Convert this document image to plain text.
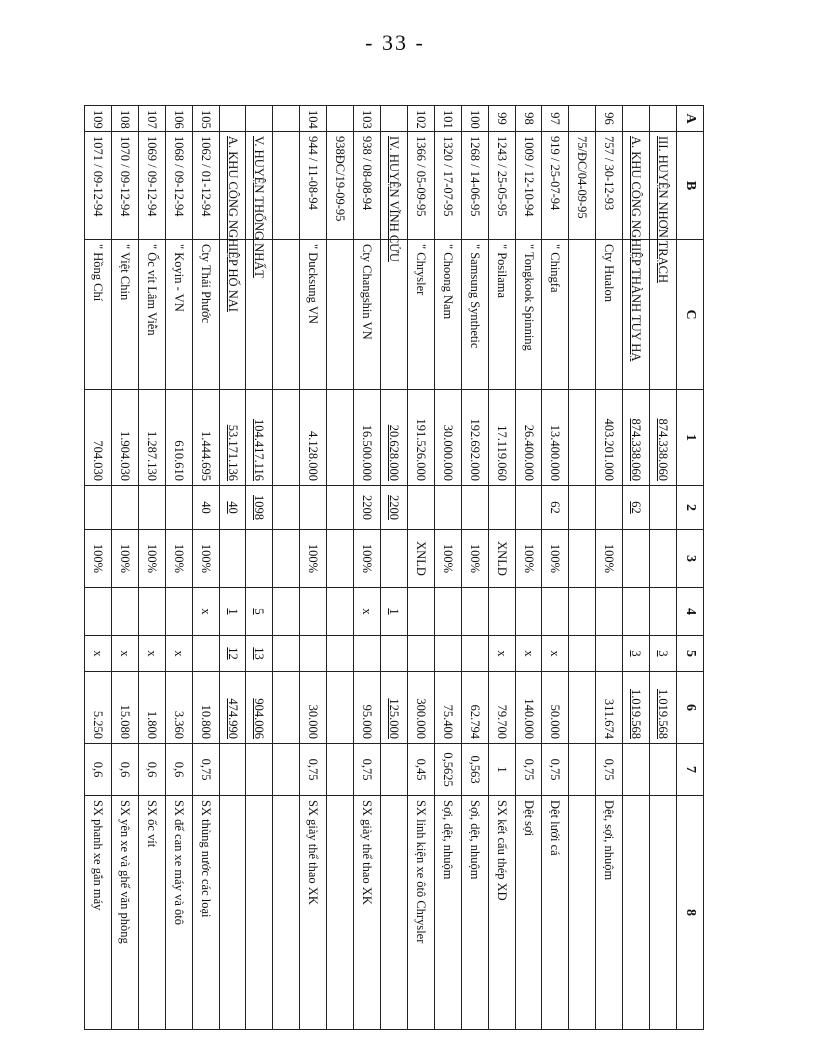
- 33 -
A	B	C	1	2	3	4	5	6	7	8
	III. HUYỆN NHƠN TRẠCH		874.338.060				3	1.019.568		
	A. KHU CÔNG NGHIỆP THÀNH TUY HẠ		874.338.060	62			3	1.019.568		
96	757 / 30-12-93	Cty Hualon	403.201.000		100%			311.674	0,75	Dệt, sợi, nhuộm
	75/ĐC/04-09-95									
97	919 / 25-07-94	" Chingfa	13.400.000	62	100%		x	50.000	0,75	Dệt lưới cá
98	1009 / 12-10-94	" Tongkook Spinning	26.400.000		100%		x	140.000	0,75	Dệt sợi
99	1243 / 25-05-95	" Posilama	17.119.060		XNLD		x	79.700	1	SX kết cấu thép XD
100	1268 / 14-06-95	" Samsung Synthetic	192.692.000		100%			62.794	0,563	Sợi, dệt, nhuộm
101	1320 / 17-07-95	" Choong Nam	30.000.000		100%			75.400	0,5625	Sợi, dệt, nhuộm
102	1366 / 05-09-95	" Chrysler	191.526.000		XNLD			300.000	0,45	SX linh kiện xe ôtô Chrysler
	IV. HUYỆN VĨNH CỬU		20.628.000	2200		1		125.000		
103	938 / 08-08-94	Cty Changshin VN	16.500.000	2200	100%	x		95.000	0,75	SX giày thể thao XK
	938ĐC/19-09-95									
104	944 / 11-08-94	" Ducksung VN	4.128.000		100%			30.000	0,75	SX giày thể thao XK

	V. HUYỆN THỐNG NHẤT		104.417.116	1098		5	13	904.006		
	A. KHU CÔNG NGHIỆP HỐ NAI		53.171.136	40		1	12	474.990		
105	1062 / 01-12-94	Cty Thái Phước	1.444.695	40	100%	x		10.800	0,75	SX thùng nước các loại
106	1068 / 09-12-94	" Koyin - VN	610.610		100%		x	3.360	0,6	SX đế can xe máy và ôtô
107	1069 / 09-12-94	" Ốc vít Lâm Viễn	1.287.130		100%		x	1.800	0,6	SX ốc vít
108	1070 / 09-12-94	" Việt Chin	1.904.030		100%		x	15.080	0,6	SX yên xe và ghế văn phòng
109	1071 / 09-12-94	" Hồng Chí	704.030		100%		x	5.250	0,6	SX phanh xe gắn máy
